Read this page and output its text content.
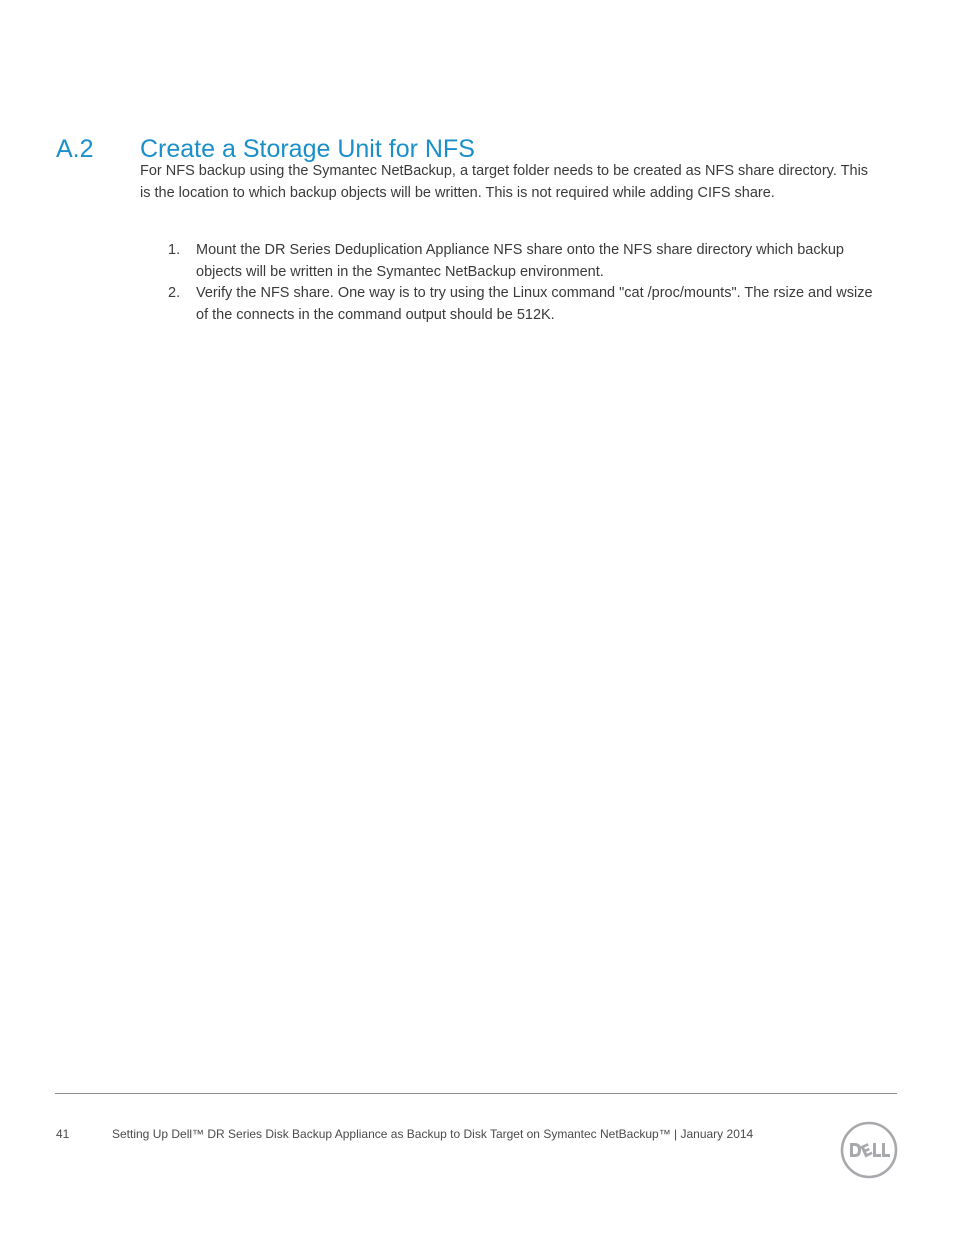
A.2 Create a Storage Unit for NFS

For NFS backup using the Symantec NetBackup, a target folder needs to be created as NFS share directory. This is the location to which backup objects will be written. This is not required while adding CIFS share.

1. Mount the DR Series Deduplication Appliance NFS share onto the NFS share directory which backup objects will be written in the Symantec NetBackup environment.
2. Verify the NFS share. One way is to try using the Linux command "cat /proc/mounts". The rsize and wsize of the connects in the command output should be 512K.
41	Setting Up Dell™ DR Series Disk Backup Appliance as Backup to Disk Target on Symantec NetBackup™ | January 2014
